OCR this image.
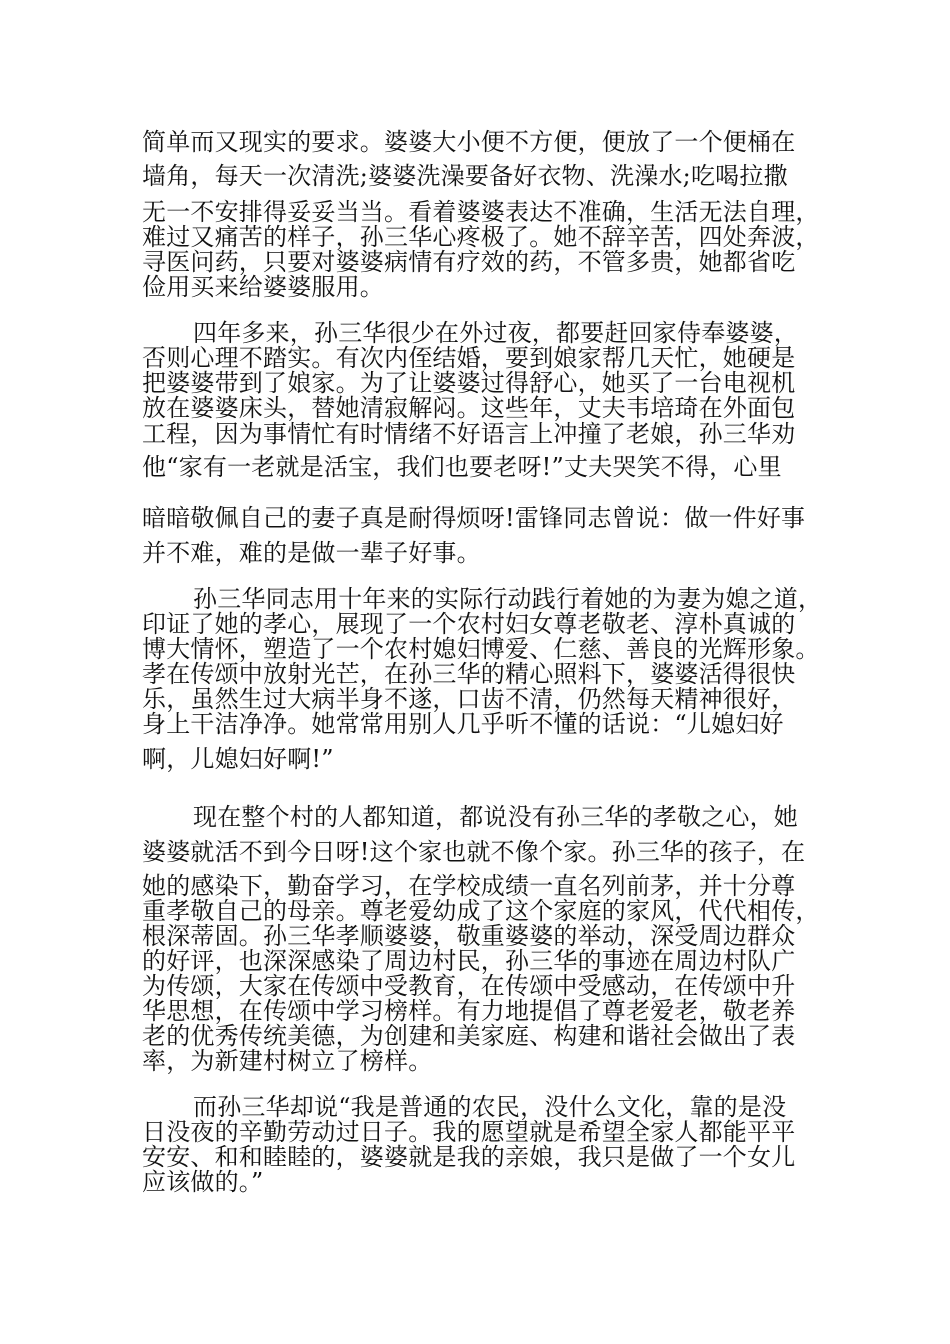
简单而又现实的要求。婆婆大小便不方便，便放了一个便桶在
墙角，每天一次清洗;婆婆洗澡要备好衣物、洗澡水;吃喝拉撒
无一不安排得妥妥当当。看着婆婆表达不准确，生活无法自理，
难过又痛苦的样子，孙三华心疼极了。她不辞辛苦，四处奔波，
寻医问药，只要对婆婆病情有疗效的药，不管多贵，她都省吃
俭用买来给婆婆服用。
四年多来，孙三华很少在外过夜，都要赶回家侍奉婆婆，
否则心理不踏实。有次内侄结婚，要到娘家帮几天忙，她硬是
把婆婆带到了娘家。为了让婆婆过得舒心，她买了一台电视机
放在婆婆床头，替她清寂解闷。这些年，丈夫韦培琦在外面包
工程，因为事情忙有时情绪不好语言上冲撞了老娘，孙三华劝
他“家有一老就是活宝，我们也要老呀!”丈夫哭笑不得，心里
暗暗敬佩自己的妻子真是耐得烦呀!雷锋同志曾说：做一件好事
并不难，难的是做一辈子好事。
孙三华同志用十年来的实际行动践行着她的为妻为媳之道，
印证了她的孝心，展现了一个农村妇女尊老敬老、淳朴真诚的
博大情怀，塑造了一个农村媳妇博爱、仁慈、善良的光辉形象。
孝在传颂中放射光芒，在孙三华的精心照料下，婆婆活得很快
乐，虽然生过大病半身不遂，口齿不清，仍然每天精神很好，
身上干洁净净。她常常用别人几乎听不懂的话说：“儿媳妇好
啊，儿媳妇好啊!”
现在整个村的人都知道，都说没有孙三华的孝敬之心，她
婆婆就活不到今日呀!这个家也就不像个家。孙三华的孩子，在
她的感染下，勤奋学习，在学校成绩一直名列前茅，并十分尊
重孝敬自己的母亲。尊老爱幼成了这个家庭的家风，代代相传，
根深蒂固。孙三华孝顺婆婆，敬重婆婆的举动，深受周边群众
的好评，也深深感染了周边村民，孙三华的事迹在周边村队广
为传颂，大家在传颂中受教育，在传颂中受感动，在传颂中升
华思想，在传颂中学习榜样。有力地提倡了尊老爱老，敬老养
老的优秀传统美德，为创建和美家庭、构建和谐社会做出了表
率，为新建村树立了榜样。
而孙三华却说“我是普通的农民，没什么文化，靠的是没
日没夜的辛勤劳动过日子。我的愿望就是希望全家人都能平平
安安、和和睦睦的，婆婆就是我的亲娘，我只是做了一个女儿
应该做的。”
